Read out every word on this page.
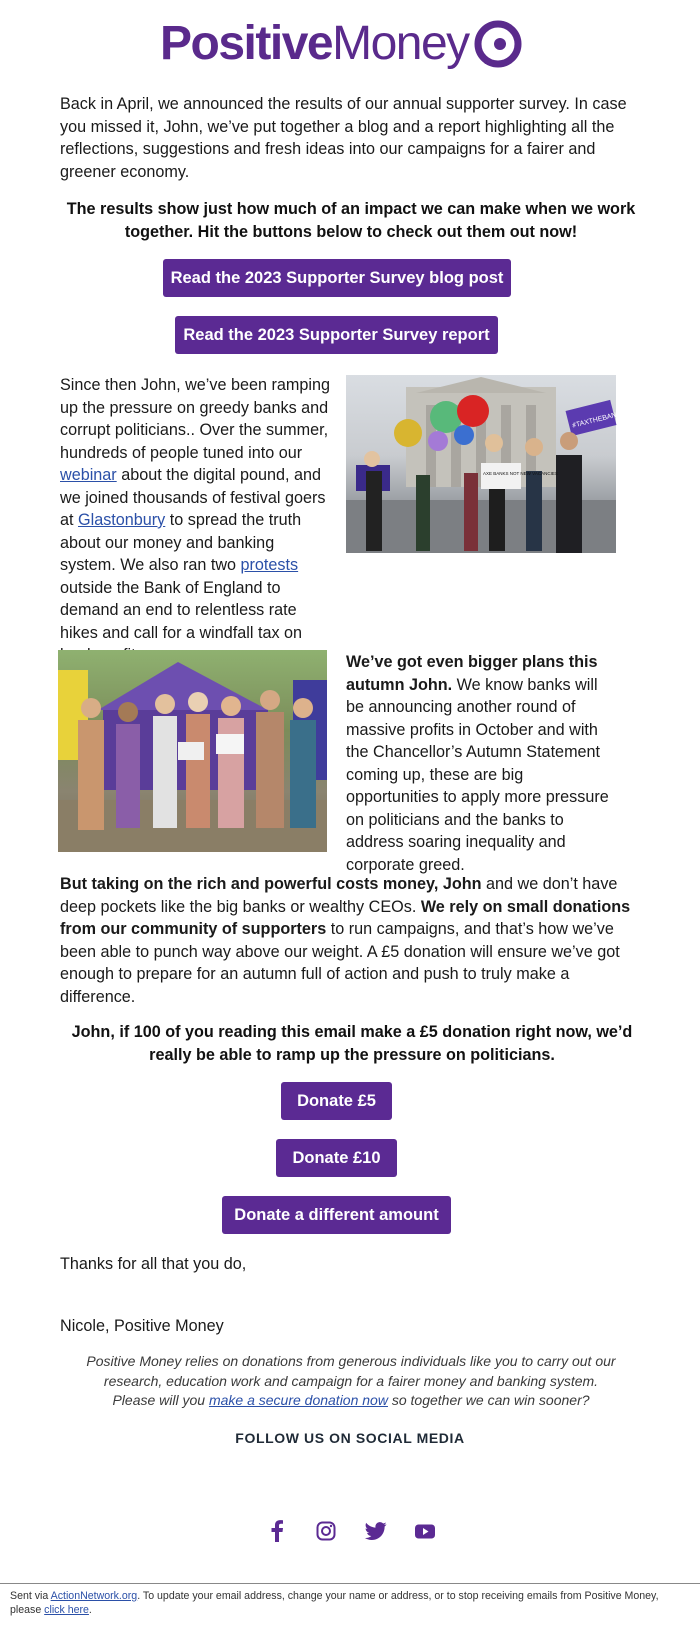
PositiveMoney

Back in April, we announced the results of our annual supporter survey. In case you missed it, John, we’ve put together a blog and a report highlighting all the reflections, suggestions and fresh ideas into our campaigns for a fairer and greener economy.

The results show just how much of an impact we can make when we work together. Hit the buttons below to check out them out now!

Read the 2023 Supporter Survey blog post
Read the 2023 Supporter Survey report

Since then John, we’ve been ramping up the pressure on greedy banks and corrupt politicians.. Over the summer, hundreds of people tuned into our webinar about the digital pound, and we joined thousands of festival goers at Glastonbury to spread the truth about our money and banking system. We also ran two protests outside the Bank of England to demand an end to relentless rate hikes and call for a windfall tax on

#TAXTHEBANKS
AXE BANKS NOT NEW VACANCIES

We’ve got even bigger plans this autumn John. We know banks will be announcing another round of massive profits in October and with the Chancellor’s Autumn Statement coming up, these are big opportunities to apply more pressure on politicians and the banks to address soaring inequality and corporate greed.

But taking on the rich and powerful costs money, John and we don’t have deep pockets like the big banks or wealthy CEOs. We rely on small donations from our community of supporters to run campaigns, and that’s how we’ve been able to punch way above our weight. A £5 donation will ensure we’ve got enough to prepare for an autumn full of action and push to truly make a difference.

John, if 100 of you reading this email make a £5 donation right now, we’d really be able to ramp up the pressure on politicians.

Donate £5
Donate £10
Donate a different amount

Thanks for all that you do,

Nicole, Positive Money

Positive Money relies on donations from generous individuals like you to carry out our research, education work and campaign for a fairer money and banking system.
Please will you make a secure donation now so together we can win sooner?

FOLLOW US ON SOCIAL MEDIA

Sent via ActionNetwork.org. To update your email address, change your name or address, or to stop receiving emails from Positive Money, please click here.
